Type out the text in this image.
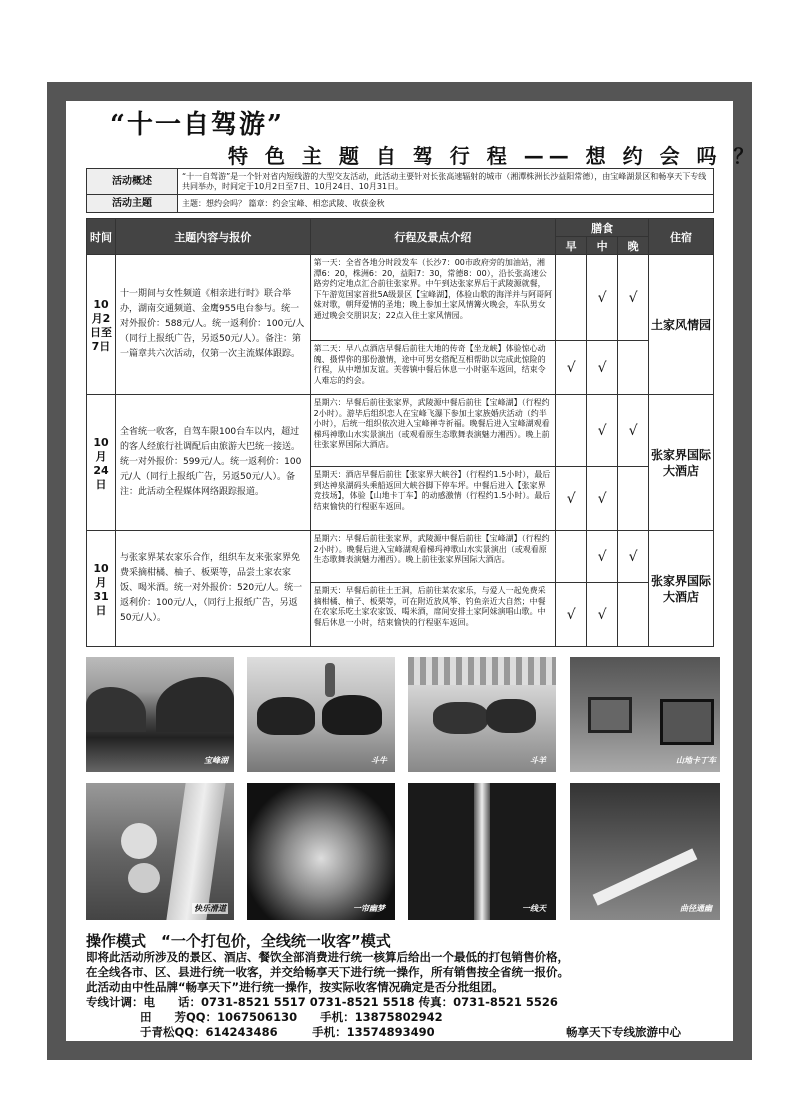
“十一自驾游”
特 色 主 题 自 驾 行 程 —— 想 约 会 吗 ？
活动概述	“十一自驾游”是一个针对省内短线游的大型交友活动，此活动主要针对长张高速辐射的城市（湘潭株洲长沙益阳常德），由宝峰湖景区和畅享天下专线共同举办，时间定于10月2日至7日、10月24日、10月31日。
活动主题	主题：想约会吗？ 篇章：约会宝峰、相恋武陵、收获金秋
时间	主题内容与报价	行程及景点介绍	膳食			住宿
			早	中	晚	
10月2日至7日	十一期间与女性频道《相亲进行时》联合举办，湖南交通频道、金鹰955电台参与。统一对外报价：588元/人。统一返利价：100元/人（同行上报纸广告，另返50元/人）。备注：第一篇章共六次活动，仅第一次主流媒体跟踪。	第一天：全省各地分时段发车（长沙7：00市政府旁的加油站，湘潭6：20，株洲6：20，益阳7：30，常德8：00），沿长张高速公路旁约定地点汇合前往张家界。中午到达张家界后于武陵源就餐，下午游览国家首批5A级景区【宝峰湖】，体验山歌的海洋并与阿哥阿妹对歌，朝拜爱情的圣地；晚上参加土家风情篝火晚会，车队男女通过晚会交朋识友；22点入住土家风情园。		√	√	土家风情园
		第二天：早八点酒店早餐后前往大地的传奇【坐龙峡】体验惊心动魄、摄悍你的那份激情，途中可男女搭配互相帮助以完成此惊险的行程，从中增加友谊。芙蓉镇中餐后休息一小时驱车返回，结束令人难忘的约会。	√	√		
10月24日	全省统一收客，自驾车限100台车以内，超过的客人经旅行社调配后由旅游大巴统一接送。统一对外报价：599元/人。统一返利价：100元/人（同行上报纸广告，另返50元/人）。备注：此活动全程媒体网络跟踪报道。	星期六：早餐后前往张家界，武陵源中餐后前往【宝峰湖】（行程约2小时）。游毕后组织恋人在宝峰飞瀑下参加土家族婚庆活动（约半小时），后统一组织依次进入宝峰禅寺祈福。晚餐后进入宝峰湖观看梯玛神歌山水实景演出（或观看原生态歌舞表演魅力湘西）。晚上前往张家界国际大酒店。		√	√	张家界国际大酒店
		星期天：酒店早餐后前往【张家界大峡谷】（行程约1.5小时），最后到达神泉湖码头乘船返回大峡谷脚下停车坪。中餐后进入【张家界竞技场】，体验【山地卡丁车】的动感激情（行程约1.5小时）。最后结束愉快的行程驱车返回。	√	√		
10月31日	与张家界某农家乐合作，组织车友来张家界免费采摘柑橘、柚子、板栗等，品尝土家农家饭、喝米酒。统一对外报价：520元/人。统一返利价：100元/人，（同行上报纸广告，另返50元/人）。	星期六：早餐后前往张家界，武陵源中餐后前往【宝峰湖】（行程约2小时）。晚餐后进入宝峰湖观看梯玛神歌山水实景演出（或观看原生态歌舞表演魅力湘西）。晚上前往张家界国际大酒店。		√	√	张家界国际大酒店
		星期天：早餐后前往土王洞，后前往某农家乐，与爱人一起免费采摘柑橘、柚子、板栗等，可在附近放风筝、钓鱼亲近大自然；中餐在农家乐吃土家农家饭、喝米酒，席间安排土家阿妹演唱山歌。中餐后休息一小时，结束愉快的行程驱车返回。	√	√		
宝峰湖	斗牛	斗羊	山地卡丁车
快乐滑道	一帘幽梦	一线天	曲径通幽
操作模式　“一个打包价，全线统一收客”模式
即将此活动所涉及的景区、酒店、餐饮全部消费进行统一核算后给出一个最低的打包销售价格，
在全线各市、区、县进行统一收客，并交给畅享天下进行统一操作，所有销售按全省统一报价。
此活动由中性品牌“畅享天下”进行统一操作，按实际收客情况确定是否分批组团。
专线计调：电　　话：0731-8521 5517 0731-8521 5518 传真：0731-8521 5526
田　　芳QQ：1067506130　　手机：13875802942
于青松QQ：614243486　　　手机：13574893490	畅享天下专线旅游中心
